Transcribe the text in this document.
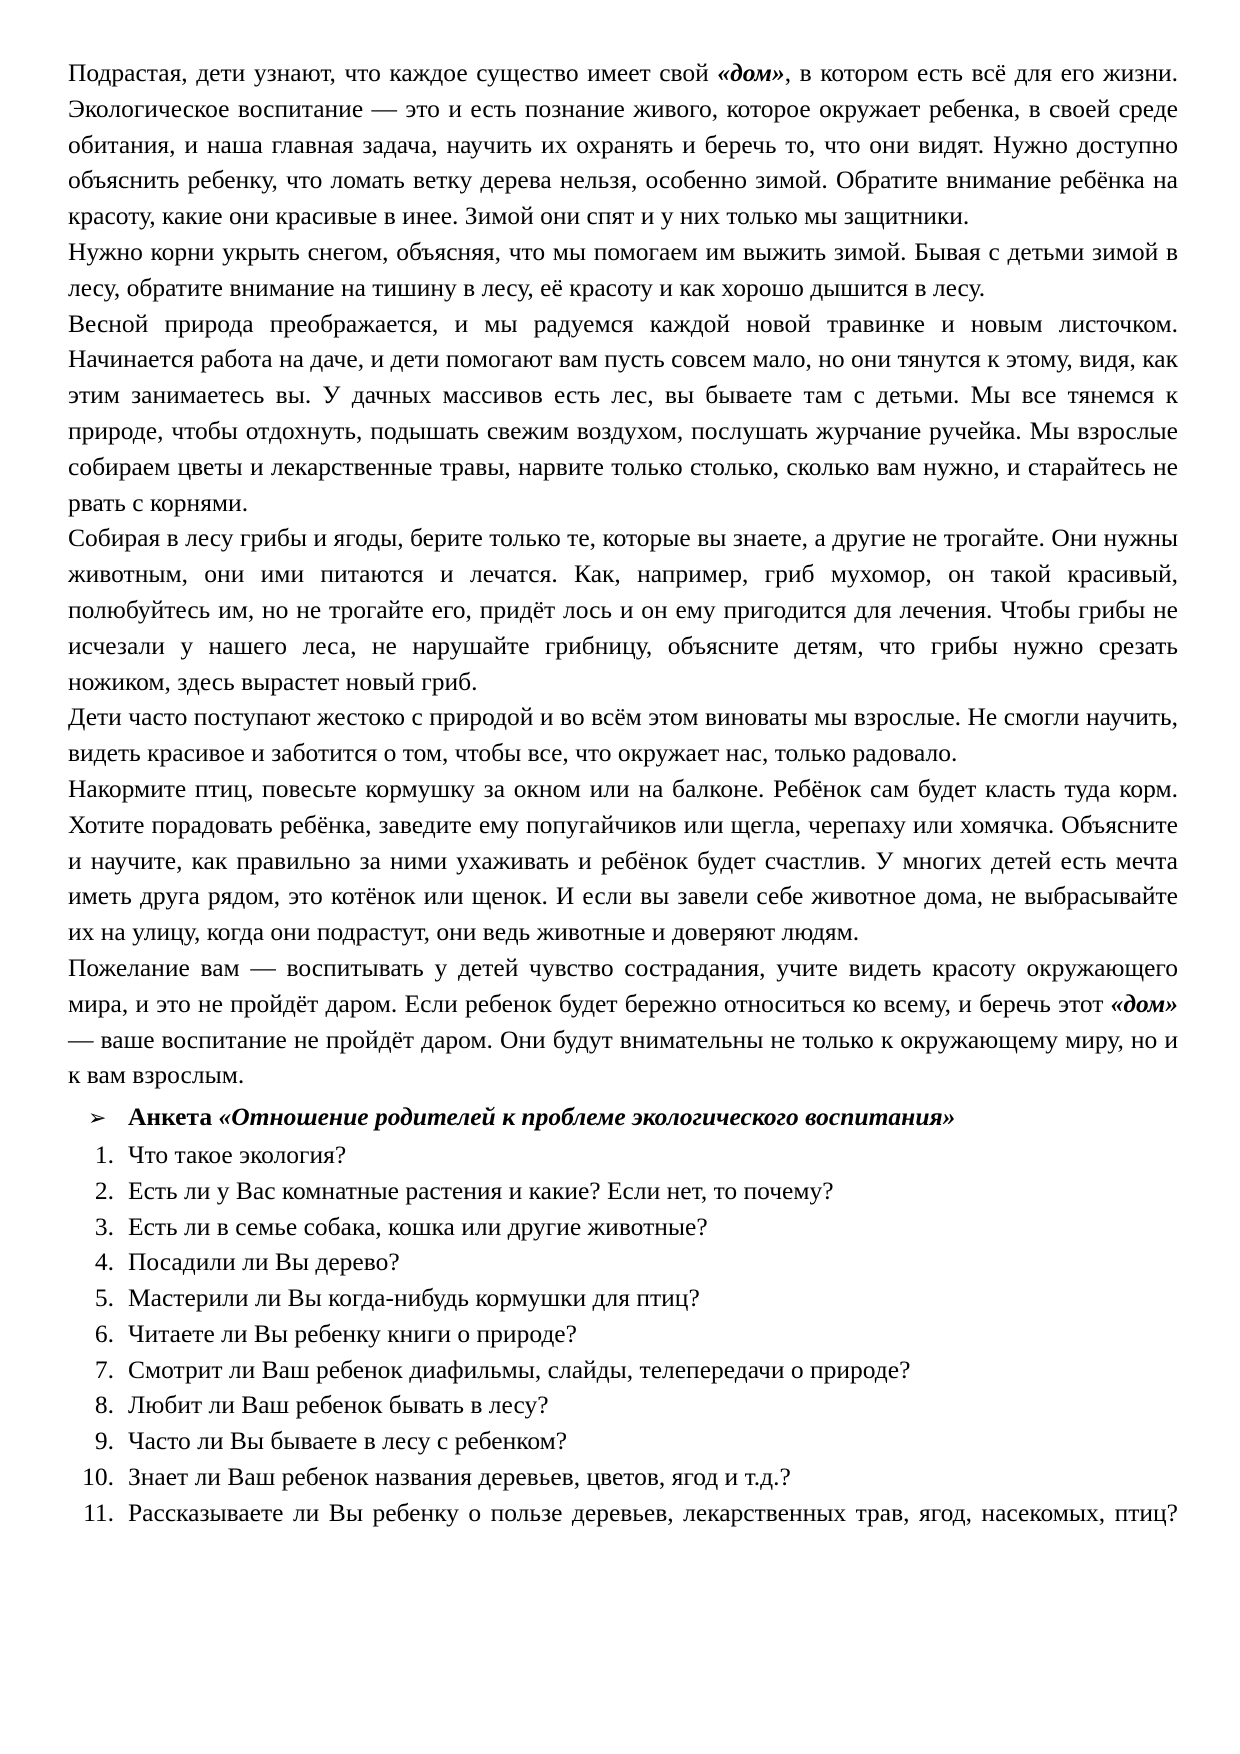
Подрастая, дети узнают, что каждое существо имеет свой «дом», в котором есть всё для его жизни. Экологическое воспитание — это и есть познание живого, которое окружает ребенка, в своей среде обитания, и наша главная задача, научить их охранять и беречь то, что они видят. Нужно доступно объяснить ребенку, что ломать ветку дерева нельзя, особенно зимой. Обратите внимание ребёнка на красоту, какие они красивые в инее. Зимой они спят и у них только мы защитники.

Нужно корни укрыть снегом, объясняя, что мы помогаем им выжить зимой. Бывая с детьми зимой в лесу, обратите внимание на тишину в лесу, её красоту и как хорошо дышится в лесу.

Весной природа преображается, и мы радуемся каждой новой травинке и новым листочком. Начинается работа на даче, и дети помогают вам пусть совсем мало, но они тянутся к этому, видя, как этим занимаетесь вы. У дачных массивов есть лес, вы бываете там с детьми. Мы все тянемся к природе, чтобы отдохнуть, подышать свежим воздухом, послушать журчание ручейка. Мы взрослые собираем цветы и лекарственные травы, нарвите только столько, сколько вам нужно, и старайтесь не рвать с корнями.

Собирая в лесу грибы и ягоды, берите только те, которые вы знаете, а другие не трогайте. Они нужны животным, они ими питаются и лечатся. Как, например, гриб мухомор, он такой красивый, полюбуйтесь им, но не трогайте его, придёт лось и он ему пригодится для лечения. Чтобы грибы не исчезали у нашего леса, не нарушайте грибницу, объясните детям, что грибы нужно срезать ножиком, здесь вырастет новый гриб.

Дети часто поступают жестоко с природой и во всём этом виноваты мы взрослые. Не смогли научить, видеть красивое и заботится о том, чтобы все, что окружает нас, только радовало.

Накормите птиц, повесьте кормушку за окном или на балконе. Ребёнок сам будет класть туда корм. Хотите порадовать ребёнка, заведите ему попугайчиков или щегла, черепаху или хомячка. Объясните и научите, как правильно за ними ухаживать и ребёнок будет счастлив. У многих детей есть мечта иметь друга рядом, это котёнок или щенок. И если вы завели себе животное дома, не выбрасывайте их на улицу, когда они подрастут, они ведь животные и доверяют людям.

Пожелание вам — воспитывать у детей чувство сострадания, учите видеть красоту окружающего мира, и это не пройдёт даром. Если ребенок будет бережно относиться ко всему, и беречь этот «дом» — ваше воспитание не пройдёт даром. Они будут внимательны не только к окружающему миру, но и к вам взрослым.

➢ Анкета «Отношение родителей к проблеме экологического воспитания»
1. Что такое экология?
2. Есть ли у Вас комнатные растения и какие? Если нет, то почему?
3. Есть ли в семье собака, кошка или другие животные?
4. Посадили ли Вы дерево?
5. Мастерили ли Вы когда-нибудь кормушки для птиц?
6. Читаете ли Вы ребенку книги о природе?
7. Смотрит ли Ваш ребенок диафильмы, слайды, телепередачи о природе?
8. Любит ли Ваш ребенок бывать в лесу?
9. Часто ли Вы бываете в лесу с ребенком?
10. Знает ли Ваш ребенок названия деревьев, цветов, ягод и т.д.?
11. Рассказываете ли Вы ребенку о пользе деревьев, лекарственных трав, ягод, насекомых, птиц?
